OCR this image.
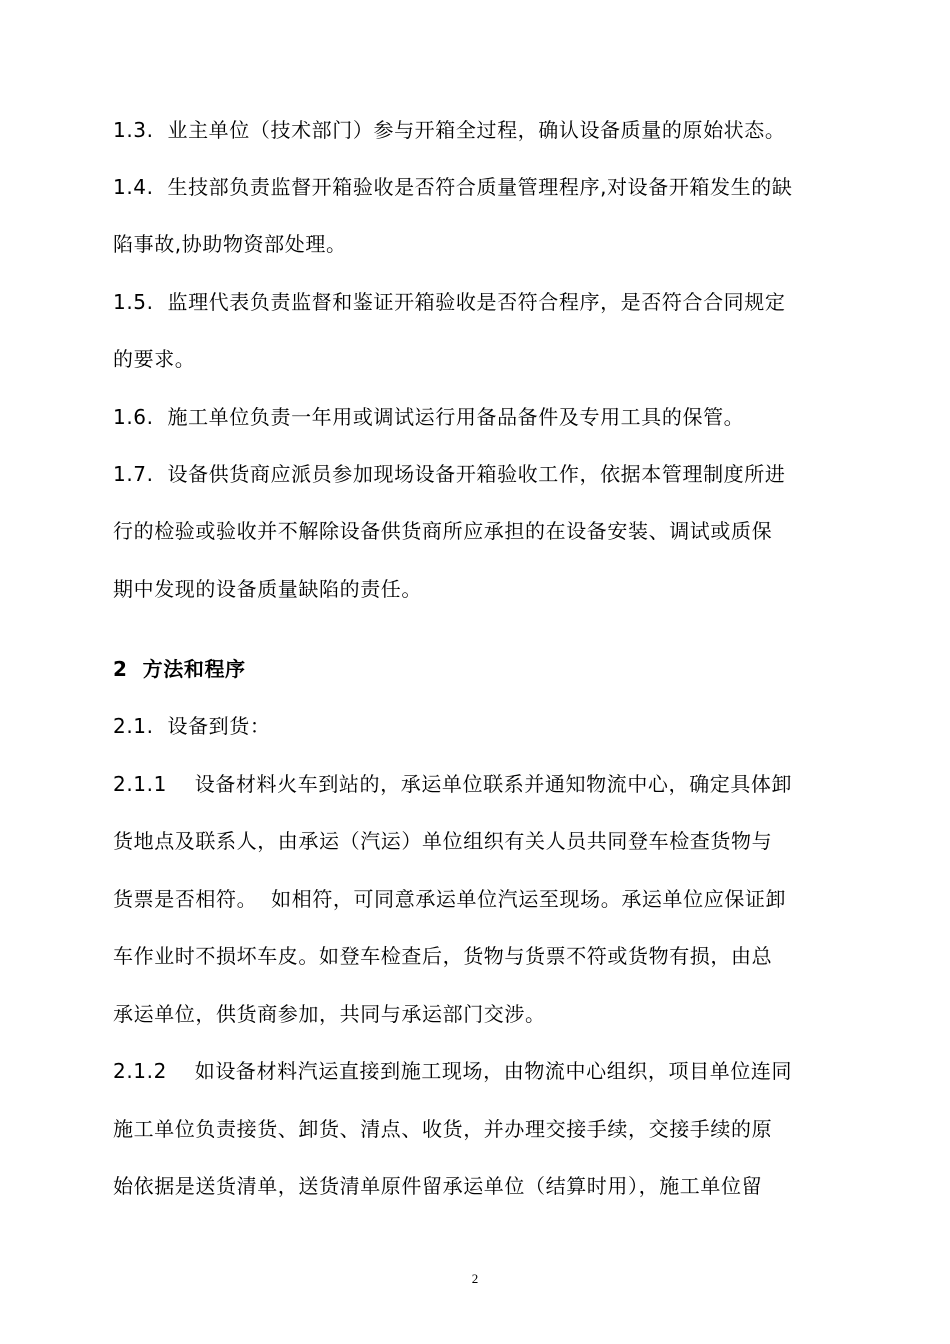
1.3.  业主单位（技术部门）参与开箱全过程，确认设备质量的原始状态。
1.4.  生技部负责监督开箱验收是否符合质量管理程序,对设备开箱发生的缺
陷事故,协助物资部处理。
1.5.  监理代表负责监督和鉴证开箱验收是否符合程序，是否符合合同规定
的要求。
1.6.  施工单位负责一年用或调试运行用备品备件及专用工具的保管。
1.7.  设备供货商应派员参加现场设备开箱验收工作，依据本管理制度所进
行的检验或验收并不解除设备供货商所应承担的在设备安装、调试或质保
期中发现的设备质量缺陷的责任。
2  方法和程序
2.1.  设备到货：
2.1.1    设备材料火车到站的，承运单位联系并通知物流中心，确定具体卸
货地点及联系人，由承运（汽运）单位组织有关人员共同登车检查货物与
货票是否相符。  如相符，可同意承运单位汽运至现场。承运单位应保证卸
车作业时不损坏车皮。如登车检查后，货物与货票不符或货物有损，由总
承运单位，供货商参加，共同与承运部门交涉。
2.1.2    如设备材料汽运直接到施工现场，由物流中心组织，项目单位连同
施工单位负责接货、卸货、清点、收货，并办理交接手续，交接手续的原
始依据是送货清单，送货清单原件留承运单位（结算时用），施工单位留
2
